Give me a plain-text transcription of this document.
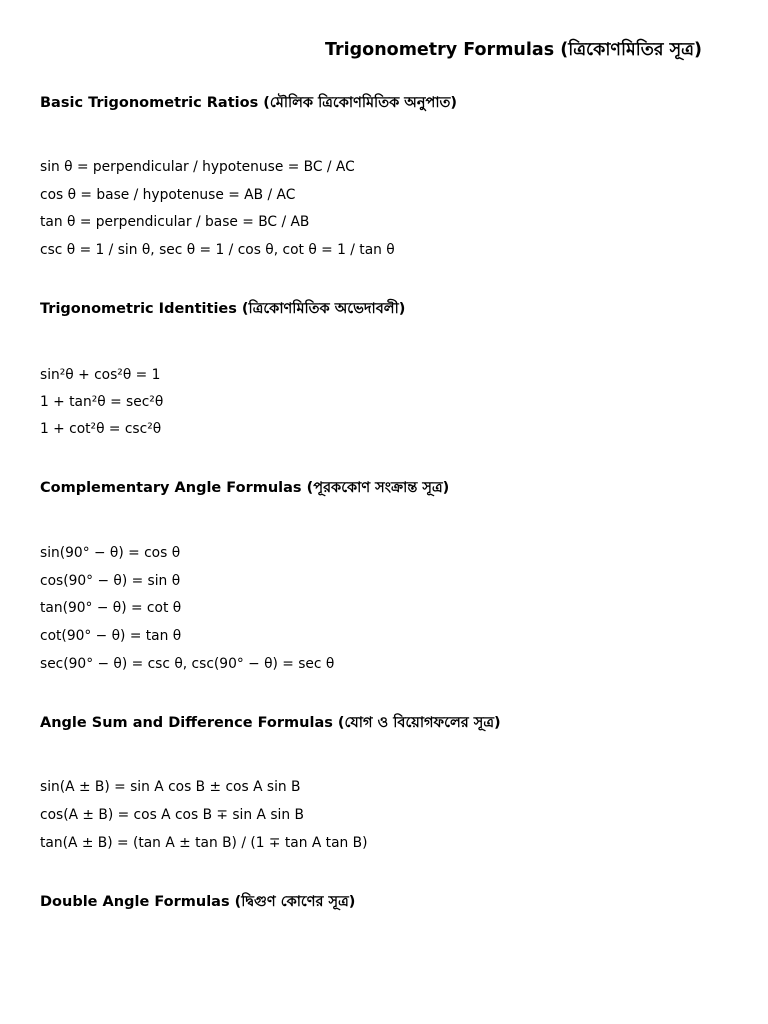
Trigonometry Formulas (ত্রিকোণমিতির সূত্র)
Basic Trigonometric Ratios (মৌলিক ত্রিকোণমিতিক অনুপাত)

sin θ = perpendicular / hypotenuse = BC / AC

cos θ = base / hypotenuse = AB / AC

tan θ = perpendicular / base = BC / AB

csc θ = 1 / sin θ, sec θ = 1 / cos θ, cot θ = 1 / tan θ

Trigonometric Identities (ত্রিকোণমিতিক অভেদাবলী)

sin²θ + cos²θ = 1

1 + tan²θ = sec²θ

1 + cot²θ = csc²θ

Complementary Angle Formulas (পূরককোণ সংক্রান্ত সূত্র)

sin(90° − θ) = cos θ

cos(90° − θ) = sin θ

tan(90° − θ) = cot θ

cot(90° − θ) = tan θ

sec(90° − θ) = csc θ, csc(90° − θ) = sec θ

Angle Sum and Difference Formulas (যোগ ও বিয়োগফলের সূত্র)

sin(A ± B) = sin A cos B ± cos A sin B

cos(A ± B) = cos A cos B ∓ sin A sin B

tan(A ± B) = (tan A ± tan B) / (1 ∓ tan A tan B)

Double Angle Formulas (দ্বিগুণ কোণের সূত্র)
